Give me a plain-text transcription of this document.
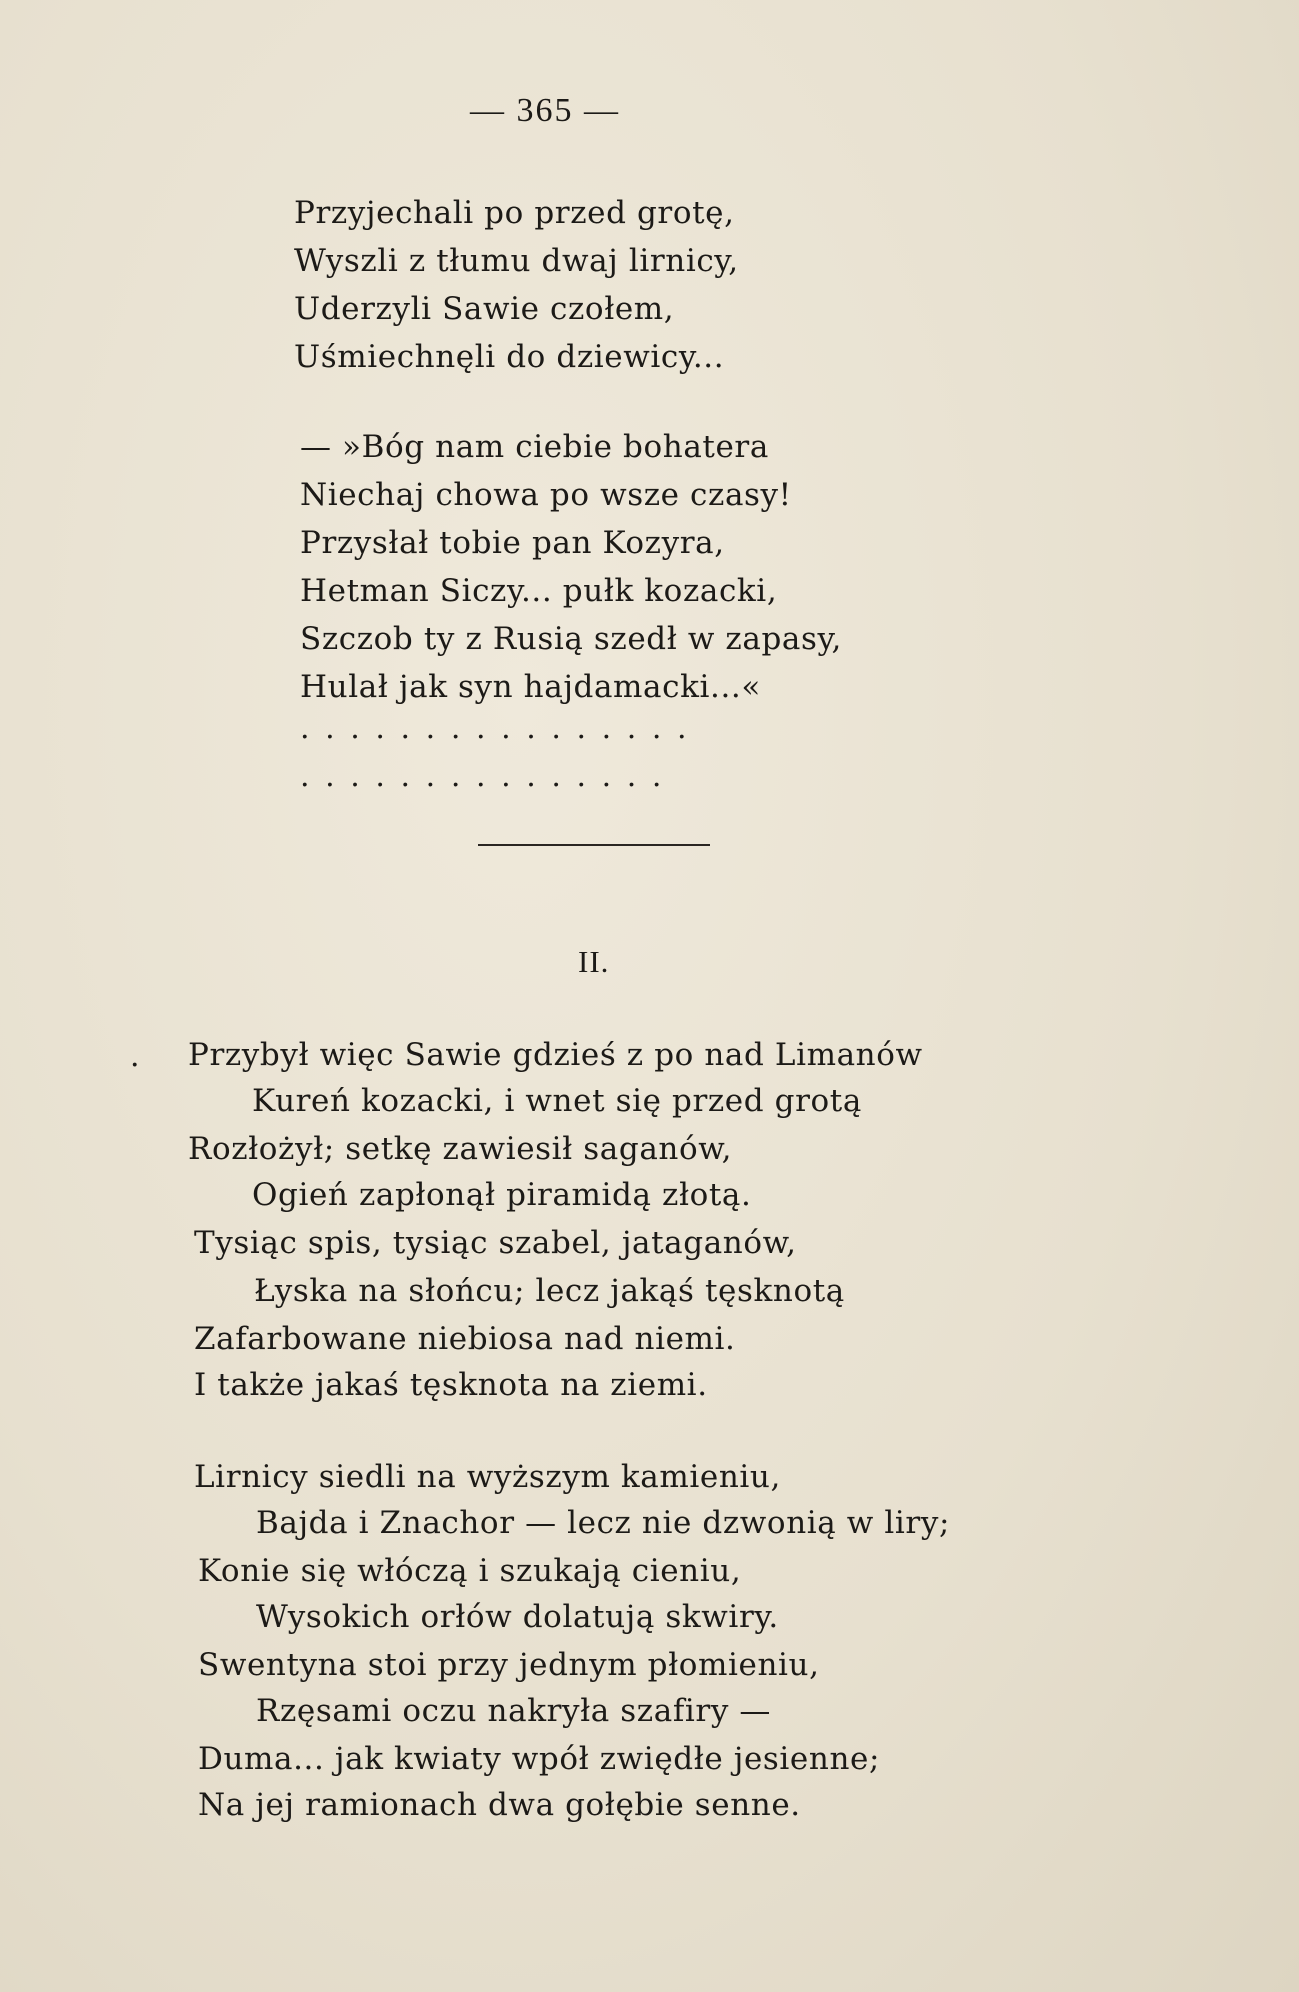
— 365 —
Przyjechali po przed grotę,
Wyszli z tłumu dwaj lirnicy,
Uderzyli Sawie czołem,
Uśmiechnęli do dziewicy...
— »Bóg nam ciebie bohatera
Niechaj chowa po wsze czasy!
Przysłał tobie pan Kozyra,
Hetman Siczy... pułk kozacki,
Szczob ty z Rusią szedł w zapasy,
Hulał jak syn hajdamacki...«
................
...............
II.
· Przybył więc Sawie gdzieś z po nad Limanów
Kureń kozacki, i wnet się przed grotą
Rozłożył; setkę zawiesił saganów,
Ogień zapłonął piramidą złotą.
Tysiąc spis, tysiąc szabel, jataganów,
Łyska na słońcu; lecz jakąś tęsknotą
Zafarbowane niebiosa nad niemi.
I także jakaś tęsknota na ziemi.
Lirnicy siedli na wyższym kamieniu,
Bajda i Znachor — lecz nie dzwonią w liry;
Konie się włóczą i szukają cieniu,
Wysokich orłów dolatują skwiry.
Swentyna stoi przy jednym płomieniu,
Rzęsami oczu nakryła szafiry —
Duma... jak kwiaty wpół zwiędłe jesienne;
Na jej ramionach dwa gołębie senne.
